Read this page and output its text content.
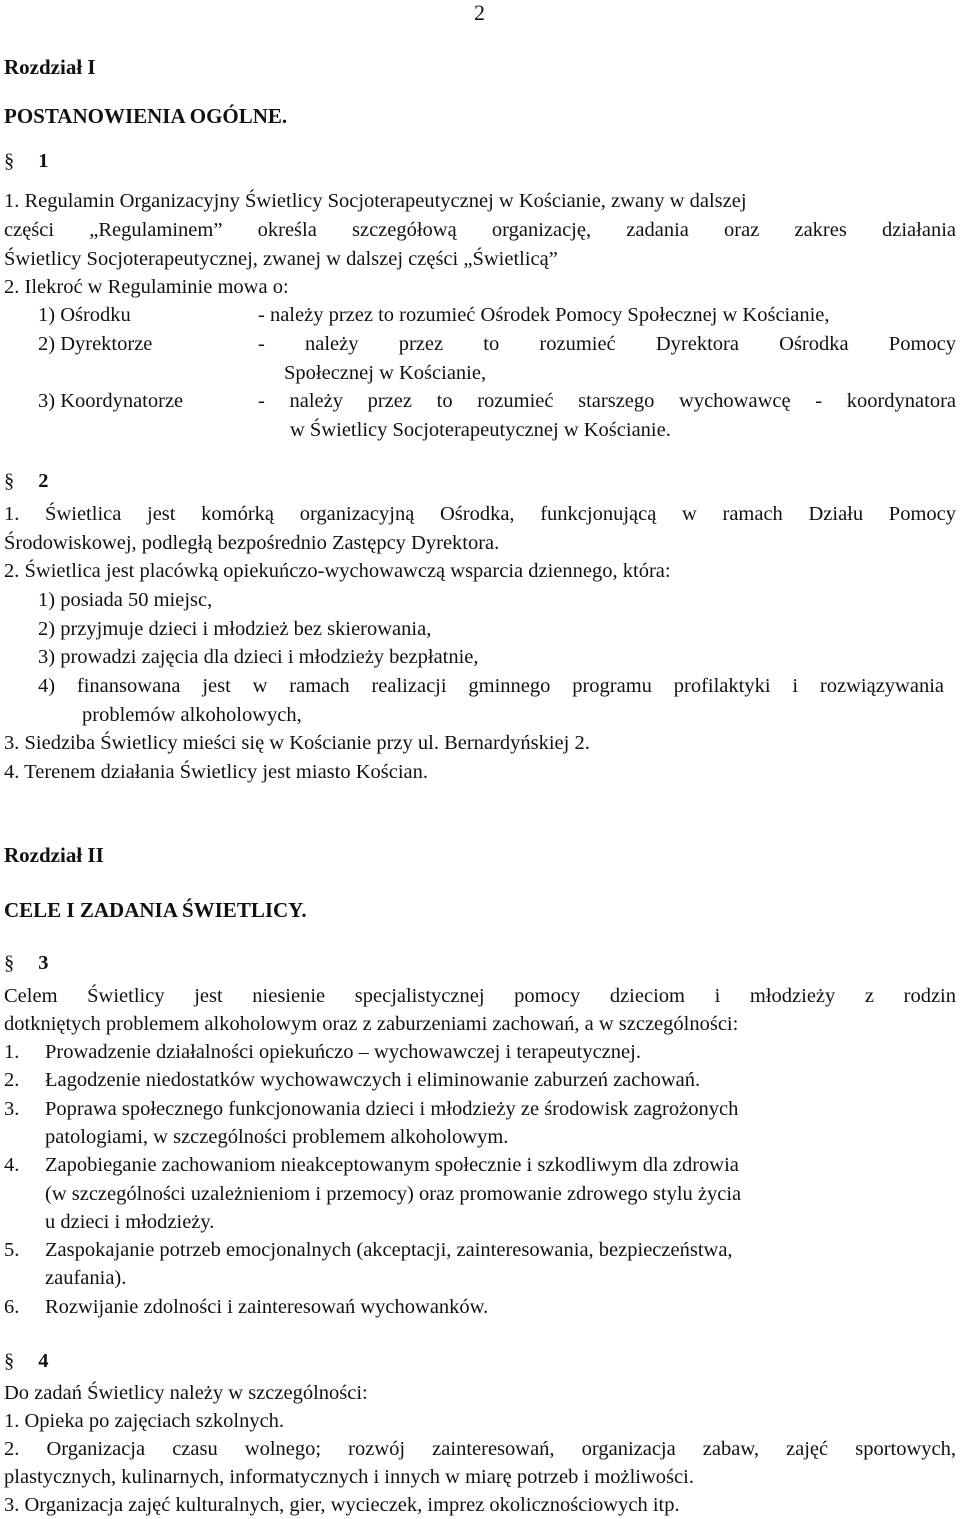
2
Rozdział I
POSTANOWIENIA OGÓLNE.
§ 1
1. Regulamin Organizacyjny Świetlicy Socjoterapeutycznej w Kościanie, zwany w dalszej
części „Regulaminem” określa szczegółową organizację, zadania oraz zakres działania
Świetlicy Socjoterapeutycznej, zwanej w dalszej części „Świetlicą”
2. Ilekroć w Regulaminie mowa o:
1) Ośrodku	- należy przez to rozumieć Ośrodek Pomocy Społecznej w Kościanie,
2) Dyrektorze	- należy przez to rozumieć Dyrektora Ośrodka Pomocy
Społecznej w Kościanie,
3) Koordynatorze	- należy przez to rozumieć starszego wychowawcę - koordynatora
w Świetlicy Socjoterapeutycznej w Kościanie.
§ 2
1. Świetlica jest komórką organizacyjną Ośrodka, funkcjonującą w ramach Działu Pomocy
Środowiskowej, podległą bezpośrednio Zastępcy Dyrektora.
2. Świetlica jest placówką opiekuńczo-wychowawczą wsparcia dziennego, która:
1) posiada 50 miejsc,
2) przyjmuje dzieci i młodzież bez skierowania,
3) prowadzi zajęcia dla dzieci i młodzieży bezpłatnie,
4) finansowana jest w ramach realizacji gminnego programu profilaktyki i rozwiązywania
problemów alkoholowych,
3. Siedziba Świetlicy mieści się w Kościanie przy ul. Bernardyńskiej 2.
4. Terenem działania Świetlicy jest miasto Kościan.
Rozdział II
CELE I ZADANIA ŚWIETLICY.
§ 3
Celem Świetlicy jest niesienie specjalistycznej pomocy dzieciom i młodzieży z rodzin
dotkniętych problemem alkoholowym oraz z zaburzeniami zachowań, a w szczególności:
1. Prowadzenie działalności opiekuńczo – wychowawczej i terapeutycznej.
2. Łagodzenie niedostatków wychowawczych i eliminowanie zaburzeń zachowań.
3. Poprawa społecznego funkcjonowania dzieci i młodzieży ze środowisk zagrożonych
patologiami, w szczególności problemem alkoholowym.
4. Zapobieganie zachowaniom nieakceptowanym społecznie i szkodliwym dla zdrowia
(w szczególności uzależnieniom i przemocy) oraz promowanie zdrowego stylu życia
u dzieci i młodzieży.
5. Zaspokajanie potrzeb emocjonalnych (akceptacji, zainteresowania, bezpieczeństwa,
zaufania).
6. Rozwijanie zdolności i zainteresowań wychowanków.
§ 4
Do zadań Świetlicy należy w szczególności:
1. Opieka po zajęciach szkolnych.
2. Organizacja czasu wolnego; rozwój zainteresowań, organizacja zabaw, zajęć sportowych,
plastycznych, kulinarnych, informatycznych i innych w miarę potrzeb i możliwości.
3. Organizacja zajęć kulturalnych, gier, wycieczek, imprez okolicznościowych itp.
